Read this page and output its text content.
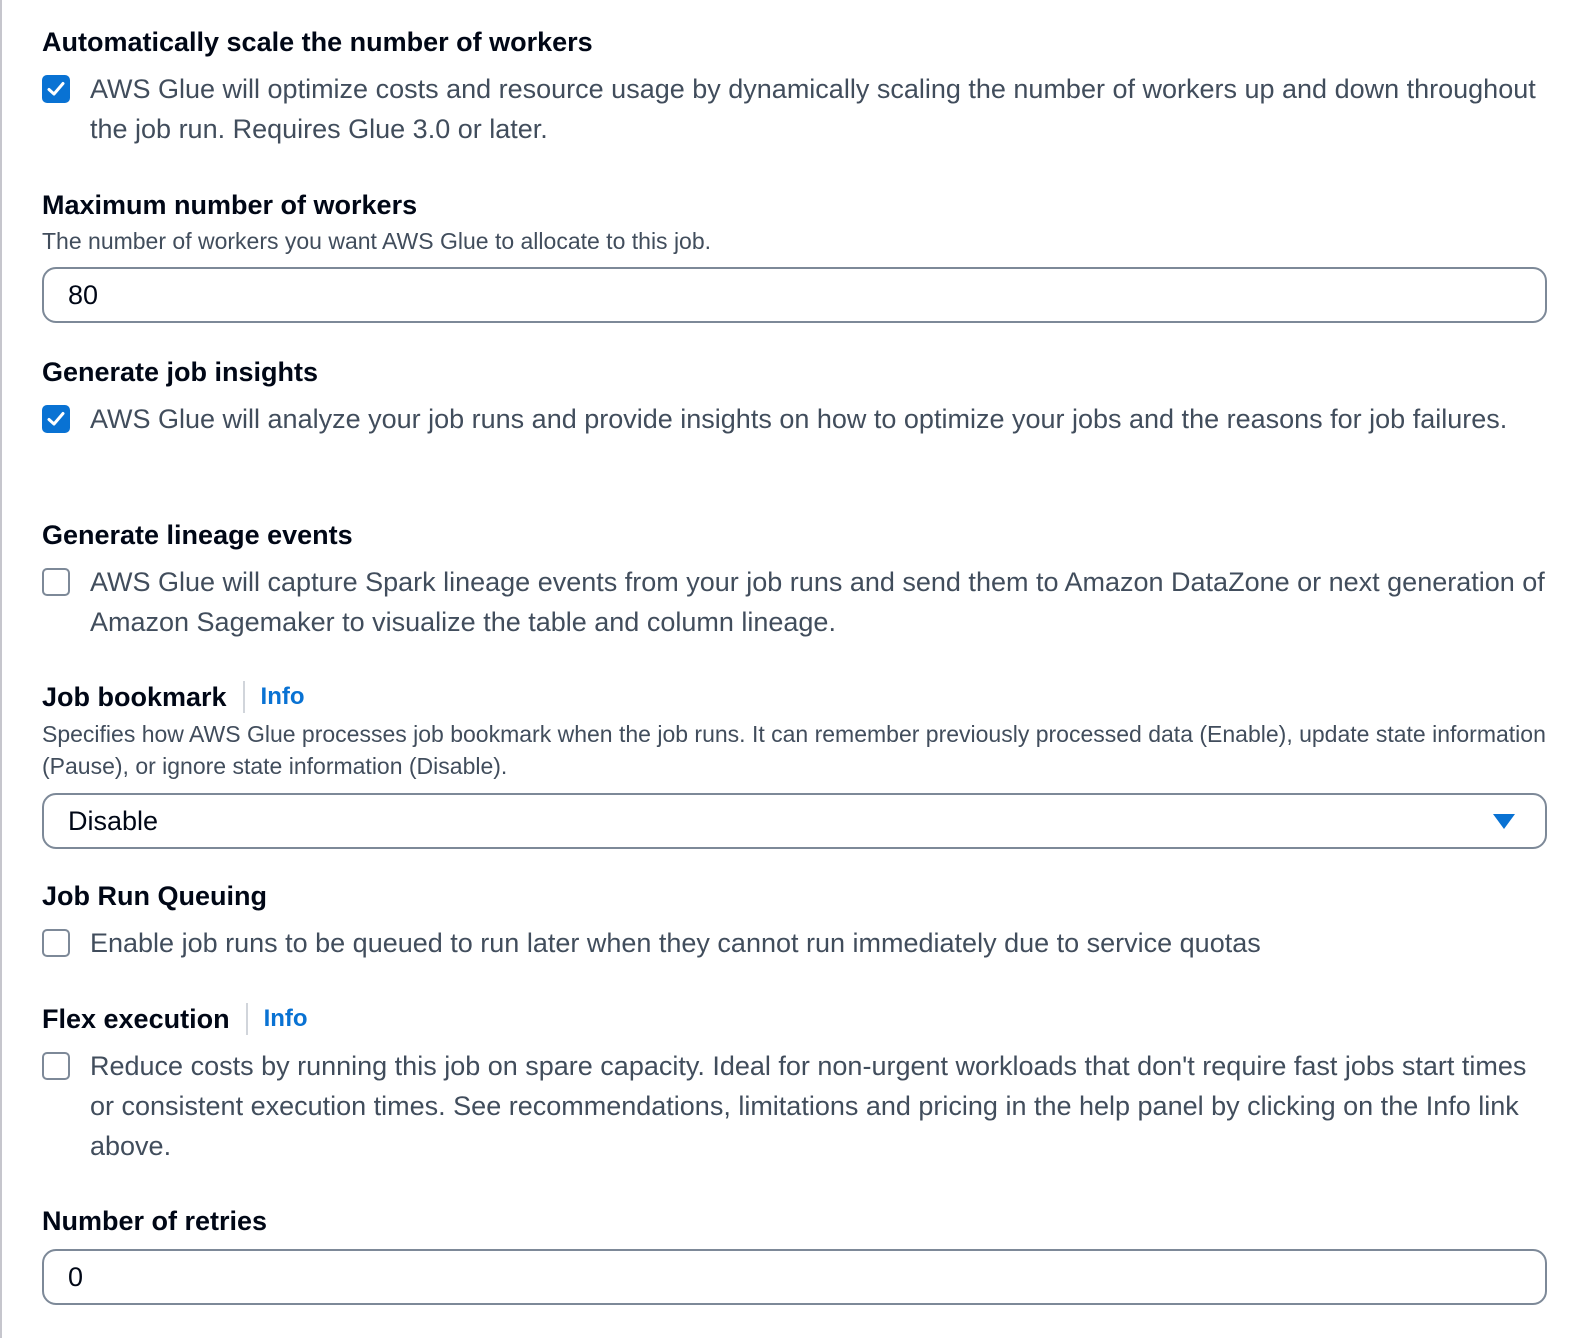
Automatically scale the number of workers
AWS Glue will optimize costs and resource usage by dynamically scaling the number of workers up and down throughout the job run. Requires Glue 3.0 or later.
Maximum number of workers
The number of workers you want AWS Glue to allocate to this job.
80
Generate job insights
AWS Glue will analyze your job runs and provide insights on how to optimize your jobs and the reasons for job failures.
Generate lineage events
AWS Glue will capture Spark lineage events from your job runs and send them to Amazon DataZone or next generation of Amazon Sagemaker to visualize the table and column lineage.
Job bookmark Info
Specifies how AWS Glue processes job bookmark when the job runs. It can remember previously processed data (Enable), update state information (Pause), or ignore state information (Disable).
Disable
Job Run Queuing
Enable job runs to be queued to run later when they cannot run immediately due to service quotas
Flex execution Info
Reduce costs by running this job on spare capacity. Ideal for non-urgent workloads that don't require fast jobs start times or consistent execution times. See recommendations, limitations and pricing in the help panel by clicking on the Info link above.
Number of retries
0
